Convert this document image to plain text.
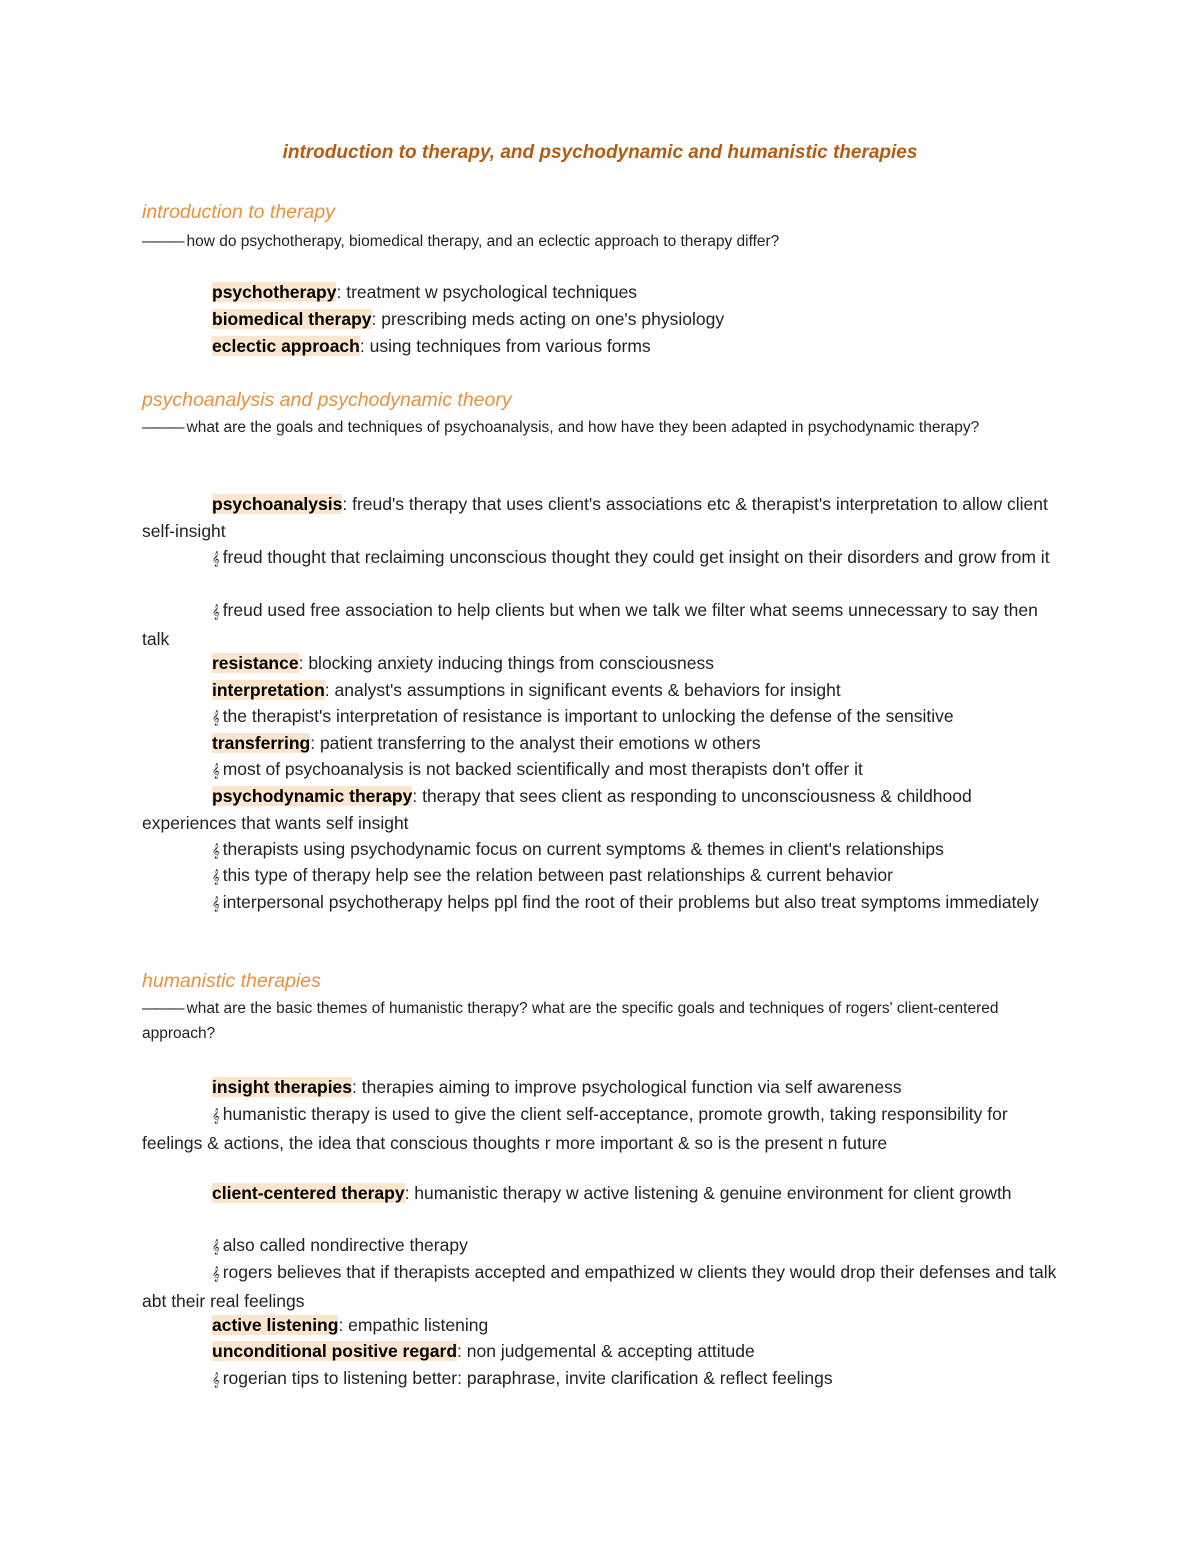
introduction to therapy, and psychodynamic and humanistic therapies
introduction to therapy
——— how do psychotherapy, biomedical therapy, and an eclectic approach to therapy differ?
psychotherapy: treatment w psychological techniques
biomedical therapy: prescribing meds acting on one's physiology
eclectic approach: using techniques from various forms
psychoanalysis and psychodynamic theory
——— what are the goals and techniques of psychoanalysis, and how have they been adapted in psychodynamic therapy?
psychoanalysis: freud's therapy that uses client's associations etc & therapist's interpretation to allow client self-insight
𝄞 freud thought that reclaiming unconscious thought they could get insight on their disorders and grow from it
𝄞 freud used free association to help clients but when we talk we filter what seems unnecessary to say then talk
resistance: blocking anxiety inducing things from consciousness
interpretation: analyst's assumptions in significant events & behaviors for insight
𝄞 the therapist's interpretation of resistance is important to unlocking the defense of the sensitive
transferring: patient transferring to the analyst their emotions w others
𝄞 most of psychoanalysis is not backed scientifically and most therapists don't offer it
psychodynamic therapy: therapy that sees client as responding to unconsciousness & childhood experiences that wants self insight
𝄞 therapists using psychodynamic focus on current symptoms & themes in client's relationships
𝄞 this type of therapy help see the relation between past relationships & current behavior
𝄞 interpersonal psychotherapy helps ppl find the root of their problems but also treat symptoms immediately
humanistic therapies
——— what are the basic themes of humanistic therapy? what are the specific goals and techniques of rogers' client-centered approach?
insight therapies: therapies aiming to improve psychological function via self awareness
𝄞 humanistic therapy is used to give the client self-acceptance, promote growth, taking responsibility for feelings & actions, the idea that conscious thoughts r more important & so is the present n future
client-centered therapy: humanistic therapy w active listening & genuine environment for client growth
𝄞 also called nondirective therapy
𝄞 rogers believes that if therapists accepted and empathized w clients they would drop their defenses and talk abt their real feelings
active listening: empathic listening
unconditional positive regard: non judgemental & accepting attitude
𝄞 rogerian tips to listening better: paraphrase, invite clarification & reflect feelings
